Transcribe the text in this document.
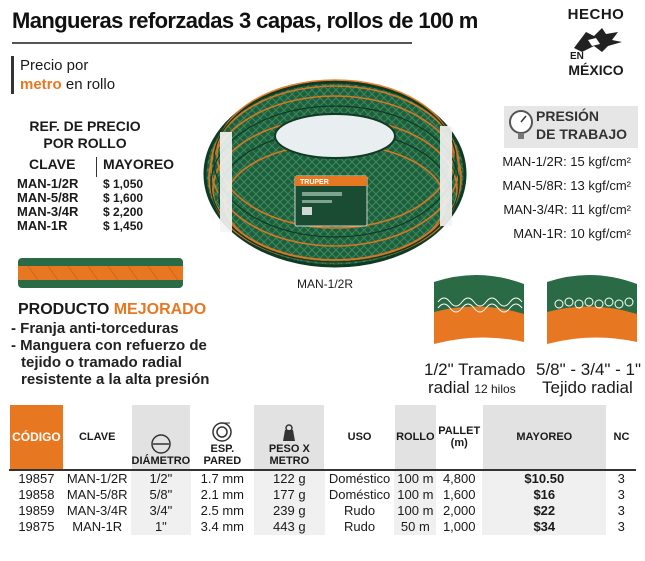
Mangueras reforzadas 3 capas, rollos de 100 m	HECHO
EN
MÉXICO
Precio por
metro en rollo
REF. DE PRECIO
POR ROLLO
CLAVE	MAYOREO
MAN-1/2R	$ 1,050
MAN-5/8R	$ 1,600
MAN-3/4R	$ 2,200
MAN-1R	$ 1,450
TRUPER
MAN-1/2R
PRESIÓN
DE TRABAJO
MAN-1/2R: 15 kgf/cm²
MAN-5/8R: 13 kgf/cm²
MAN-3/4R: 11 kgf/cm²
MAN-1R: 10 kgf/cm²
PRODUCTO MEJORADO
- Franja anti-torceduras
- Manguera con refuerzo de
tejido o tramado radial
resistente a la alta presión
1/2" Tramado
radial 12 hilos
5/8" - 3/4" - 1"
Tejido radial
CÓDIGO	CLAVE	DIÁMETRO	ESP. PARED	PESO X METRO	USO	ROLLO	PALLET (m)	MAYOREO	NC
19857	MAN-1/2R	1/2"	1.7 mm	122 g	Doméstico	100 m	4,800	$10.50	3
19858	MAN-5/8R	5/8"	2.1 mm	177 g	Doméstico	100 m	1,600	$16	3
19859	MAN-3/4R	3/4"	2.5 mm	239 g	Rudo	100 m	2,000	$22	3
19875	MAN-1R	1"	3.4 mm	443 g	Rudo	50 m	1,000	$34	3
